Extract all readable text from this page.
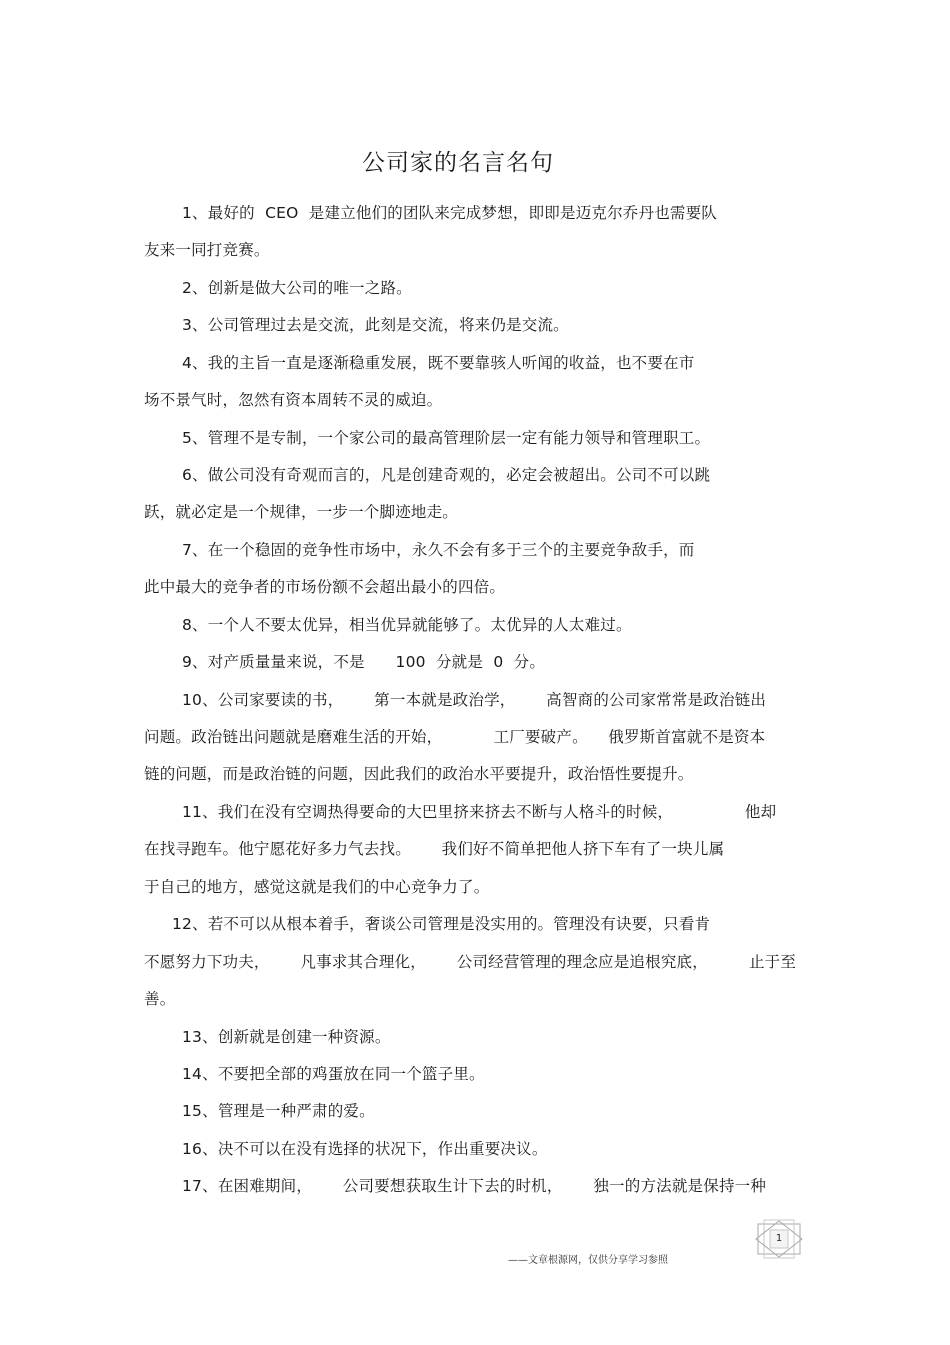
公司家的名言名句
1、最好的  CEO  是建立他们的团队来完成梦想，即即是迈克尔乔丹也需要队
友来一同打竞赛。
2、创新是做大公司的唯一之路。
3、公司管理过去是交流，此刻是交流，将来仍是交流。
4、我的主旨一直是逐渐稳重发展，既不要靠骇人听闻的收益，也不要在市
场不景气时，忽然有资本周转不灵的威迫。
5、管理不是专制，一个家公司的最高管理阶层一定有能力领导和管理职工。
6、做公司没有奇观而言的，凡是创建奇观的，必定会被超出。公司不可以跳
跃，就必定是一个规律，一步一个脚迹地走。
7、在一个稳固的竞争性市场中，永久不会有多于三个的主要竞争敌手，而
此中最大的竞争者的市场份额不会超出最小的四倍。
8、一个人不要太优异，相当优异就能够了。太优异的人太难过。
9、对产质量量来说，不是      100  分就是  0  分。
10、公司家要读的书，      第一本就是政治学，      高智商的公司家常常是政治链出
问题。政治链出问题就是磨难生活的开始，          工厂要破产。    俄罗斯首富就不是资本
链的问题，而是政治链的问题，因此我们的政治水平要提升，政治悟性要提升。
11、我们在没有空调热得要命的大巴里挤来挤去不断与人格斗的时候，              他却
在找寻跑车。他宁愿花好多力气去找。      我们好不简单把他人挤下车有了一块儿属
于自己的地方，感觉这就是我们的中心竞争力了。
12、若不可以从根本着手，奢谈公司管理是没实用的。管理没有诀要，只看肯
不愿努力下功夫，      凡事求其合理化，      公司经营管理的理念应是追根究底，        止于至
善。
13、创新就是创建一种资源。
14、不要把全部的鸡蛋放在同一个篮子里。
15、管理是一种严肃的爱。
16、决不可以在没有选择的状况下，作出重要决议。
17、在困难期间，      公司要想获取生计下去的时机，      独一的方法就是保持一种
1
——文章根源网，仅供分享学习参照
